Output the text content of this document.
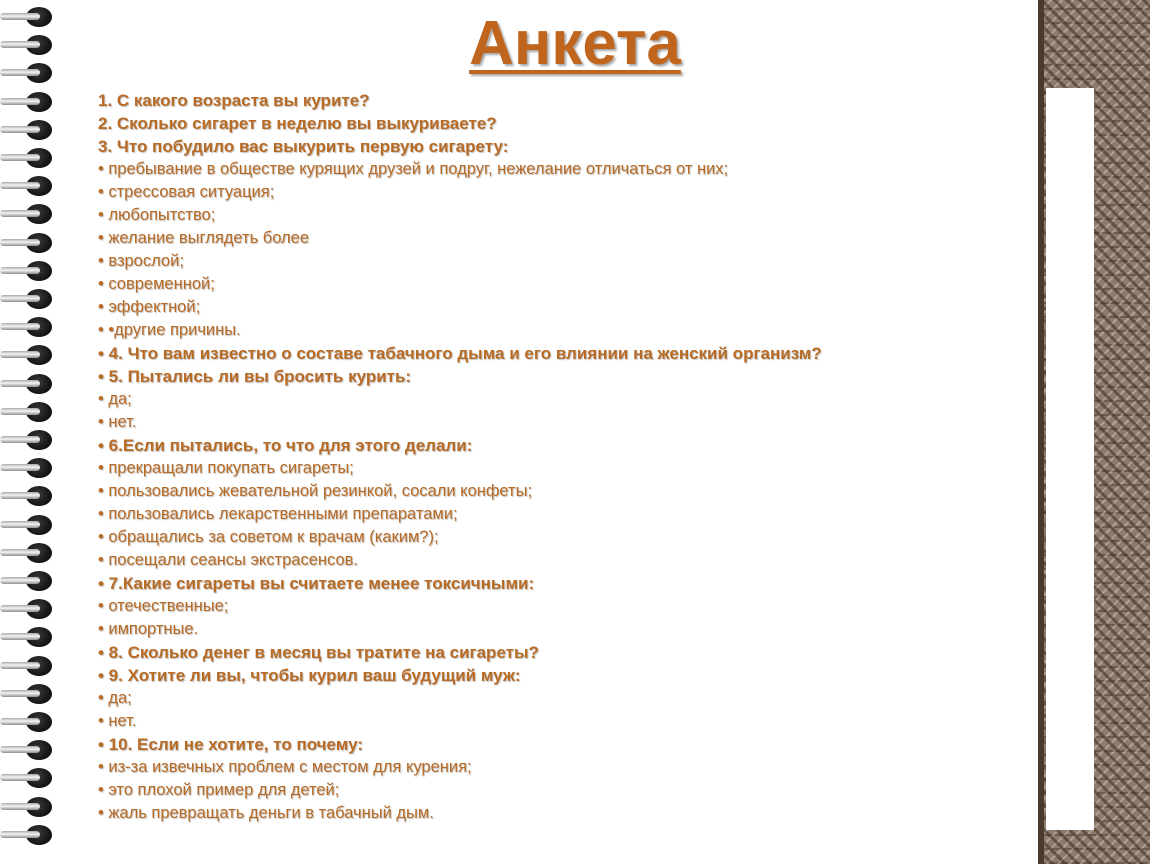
Анкета
1. С какого возраста вы курите?
2. Сколько сигарет в неделю вы выкуриваете?
3. Что побудило вас выкурить первую сигарету:
• пребывание в обществе курящих друзей и подруг, нежелание отличаться от них;
• стрессовая ситуация;
• любопытство;
• желание выглядеть более
• взрослой;
• современной;
• эффектной;
• •другие причины.
• 4. Что вам известно о составе табачного дыма и его влиянии на женский организм?
• 5. Пытались ли вы бросить курить:
• да;
• нет.
• 6.Если пытались, то что для этого делали:
• прекращали покупать сигареты;
• пользовались жевательной резинкой, сосали конфеты;
• пользовались лекарственными препаратами;
• обращались за советом к врачам (каким?);
• посещали сеансы экстрасенсов.
• 7.Какие сигареты вы считаете менее токсичными:
• отечественные;
• импортные.
• 8. Сколько денег в месяц вы тратите на сигареты?
• 9. Хотите ли вы, чтобы курил ваш будущий муж:
• да;
• нет.
• 10. Если не хотите, то почему:
• из-за извечных проблем с местом для курения;
• это плохой пример для детей;
• жаль превращать деньги в табачный дым.
